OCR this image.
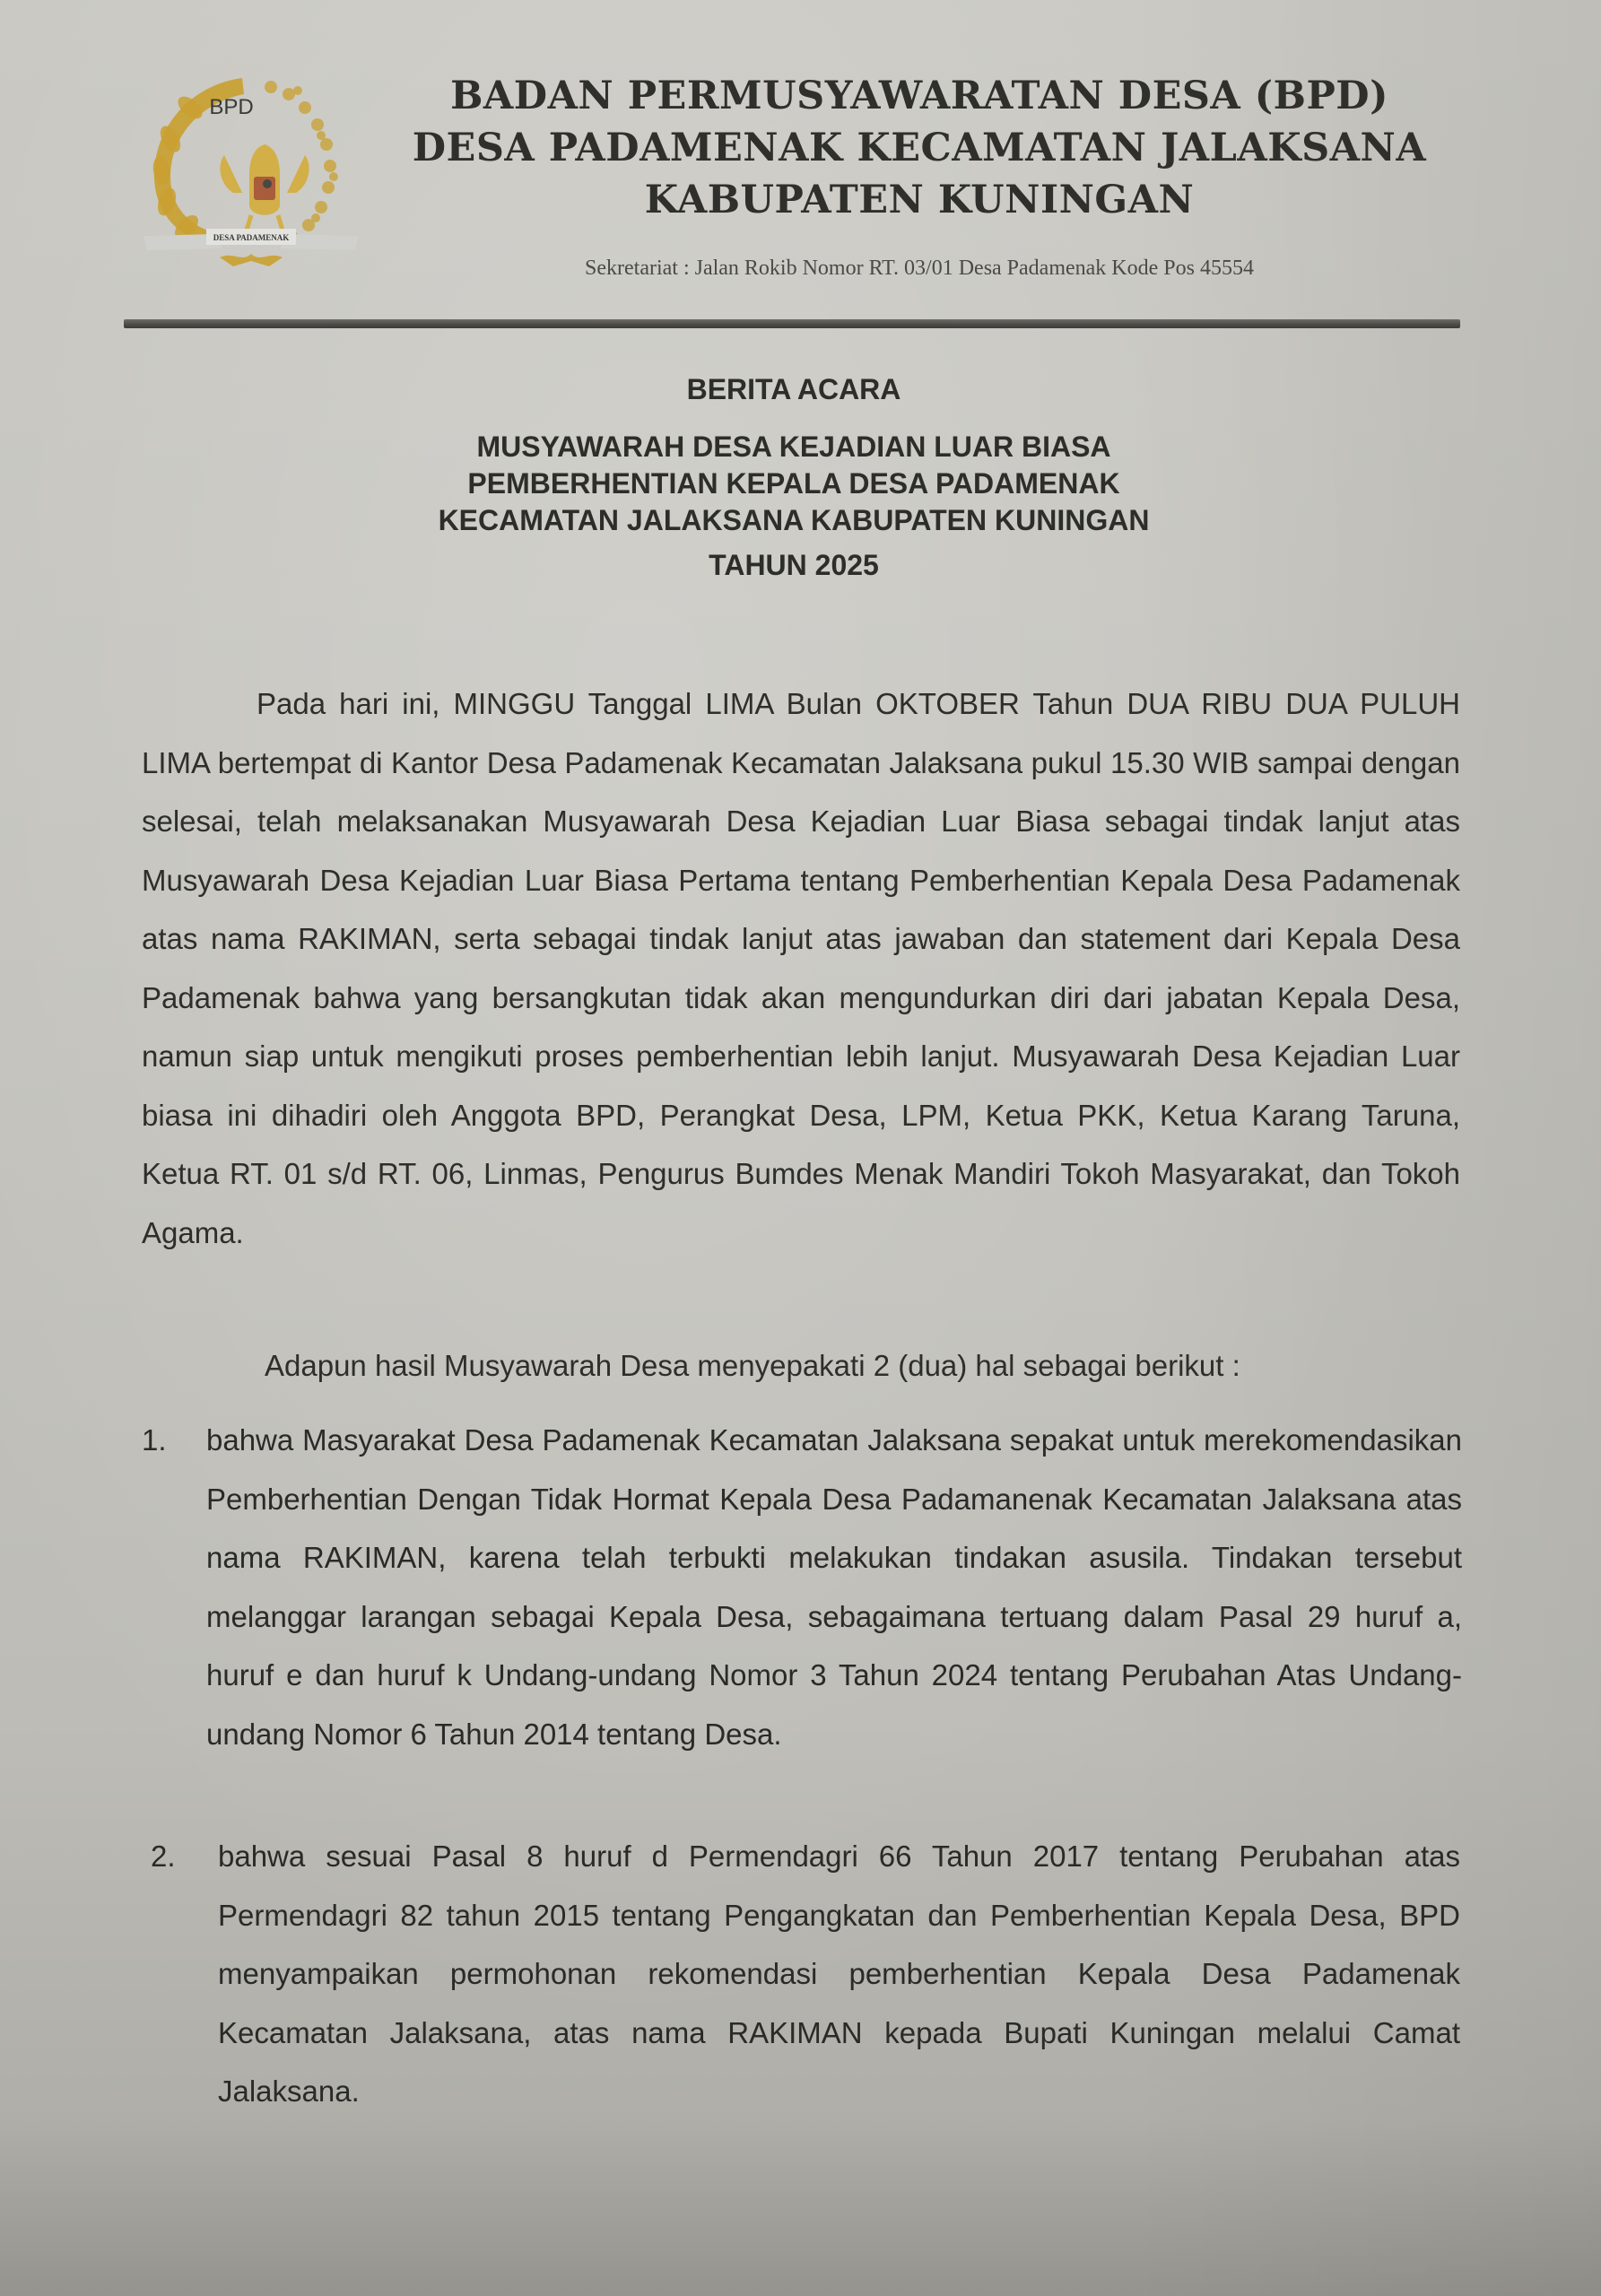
BPD
DESA PADAMENAK
BADAN PERMUSYAWARATAN DESA (BPD)
DESA PADAMENAK KECAMATAN JALAKSANA
KABUPATEN KUNINGAN
Sekretariat : Jalan Rokib Nomor RT. 03/01 Desa Padamenak Kode Pos 45554
BERITA ACARA
MUSYAWARAH DESA KEJADIAN LUAR BIASA
PEMBERHENTIAN KEPALA DESA PADAMENAK
KECAMATAN JALAKSANA KABUPATEN KUNINGAN
TAHUN 2025
Pada hari ini, MINGGU Tanggal LIMA Bulan OKTOBER Tahun DUA RIBU DUA PULUH LIMA bertempat di Kantor Desa Padamenak Kecamatan Jalaksana pukul 15.30 WIB sampai dengan selesai, telah melaksanakan Musyawarah Desa Kejadian Luar Biasa sebagai tindak lanjut atas Musyawarah Desa Kejadian Luar Biasa Pertama tentang Pemberhentian Kepala Desa Padamenak atas nama RAKIMAN, serta sebagai tindak lanjut atas jawaban dan statement dari Kepala Desa Padamenak bahwa yang bersangkutan tidak akan mengundurkan diri dari jabatan Kepala Desa, namun siap untuk mengikuti proses pemberhentian lebih lanjut. Musyawarah Desa Kejadian Luar biasa ini dihadiri oleh Anggota BPD, Perangkat Desa, LPM, Ketua PKK, Ketua Karang Taruna, Ketua RT. 01 s/d RT. 06, Linmas, Pengurus Bumdes Menak Mandiri Tokoh Masyarakat, dan Tokoh Agama.
Adapun hasil Musyawarah Desa menyepakati 2 (dua) hal sebagai berikut :
1. bahwa Masyarakat Desa Padamenak Kecamatan Jalaksana sepakat untuk merekomendasikan Pemberhentian Dengan Tidak Hormat Kepala Desa Padamanenak Kecamatan Jalaksana atas nama RAKIMAN, karena telah terbukti melakukan tindakan asusila. Tindakan tersebut melanggar larangan sebagai Kepala Desa, sebagaimana tertuang dalam Pasal 29 huruf a, huruf e dan huruf k Undang-undang Nomor 3 Tahun 2024 tentang Perubahan Atas Undang-undang Nomor 6 Tahun 2014 tentang Desa.
2. bahwa sesuai Pasal 8 huruf d Permendagri 66 Tahun 2017 tentang Perubahan atas Permendagri 82 tahun 2015 tentang Pengangkatan dan Pemberhentian Kepala Desa, BPD menyampaikan permohonan rekomendasi pemberhentian Kepala Desa Padamenak Kecamatan Jalaksana, atas nama RAKIMAN kepada Bupati Kuningan melalui Camat Jalaksana.
